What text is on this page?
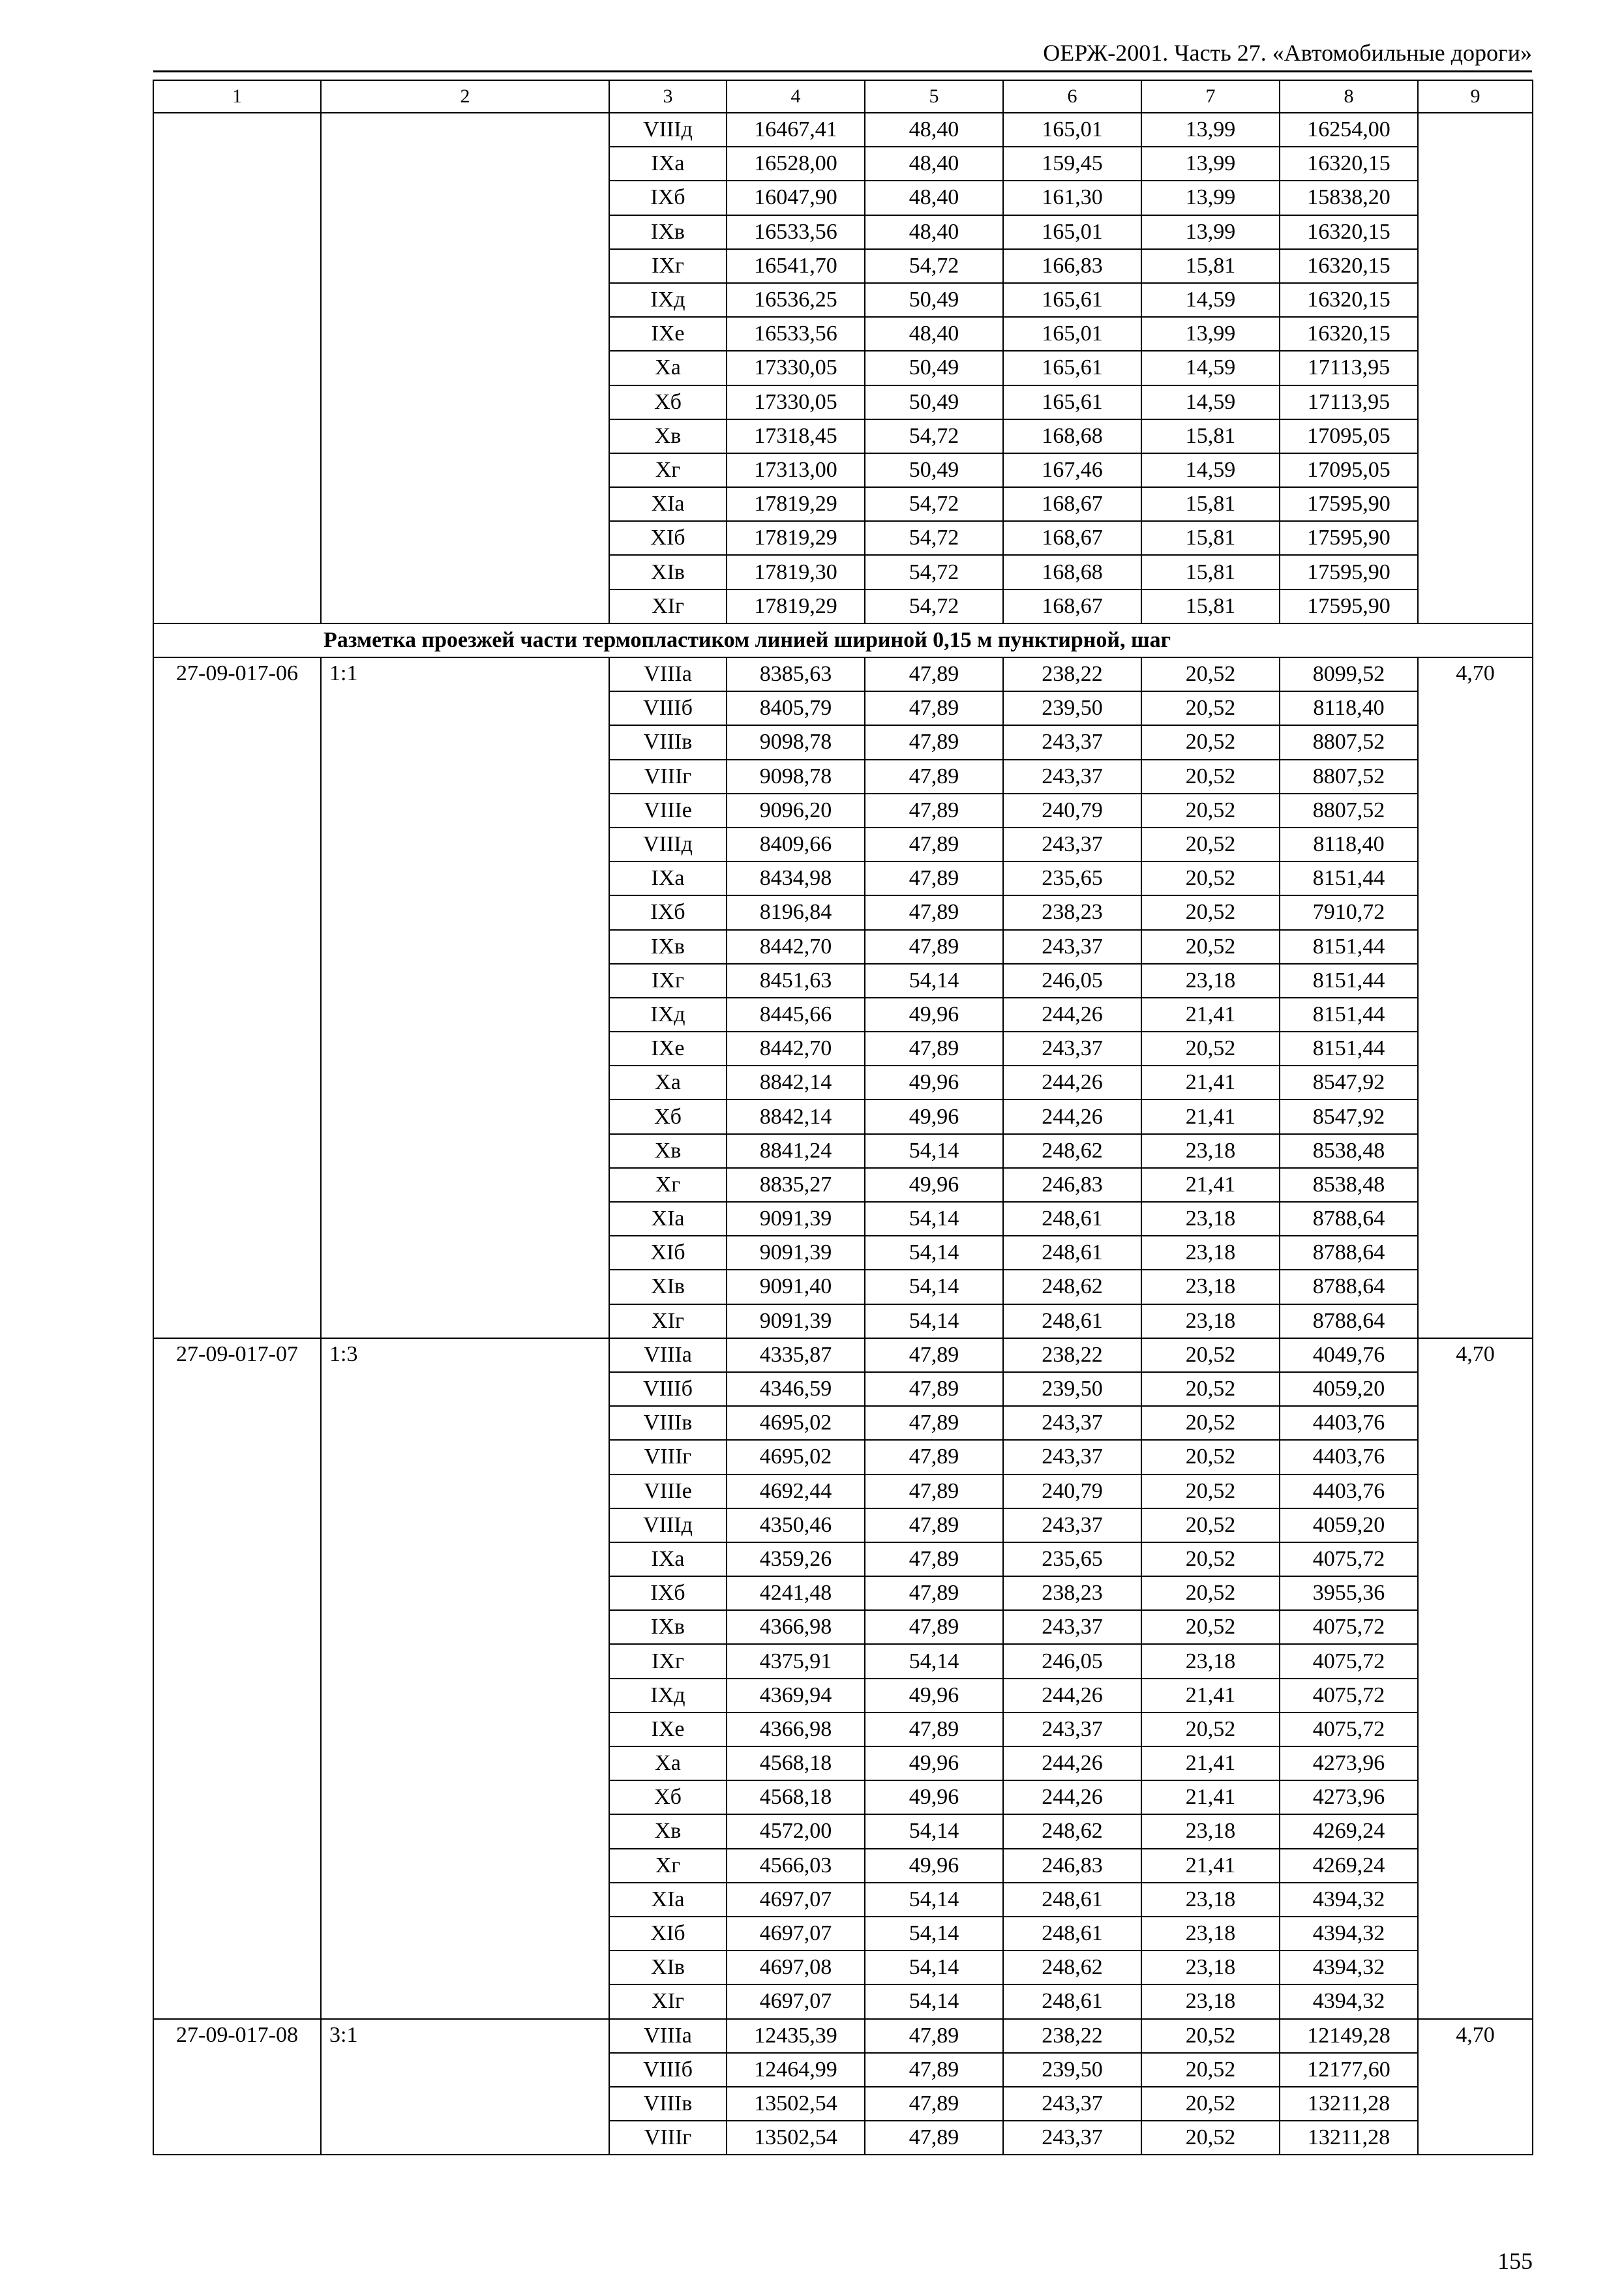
ОЕРЖ-2001. Часть 27. «Автомобильные дороги»
1	2	3	4	5	6	7	8	9
		VIIIд	16467,41	48,40	165,01	13,99	16254,00	
		IXа	16528,00	48,40	159,45	13,99	16320,15	
		IXб	16047,90	48,40	161,30	13,99	15838,20	
		IXв	16533,56	48,40	165,01	13,99	16320,15	
		IXг	16541,70	54,72	166,83	15,81	16320,15	
		IXд	16536,25	50,49	165,61	14,59	16320,15	
		IXе	16533,56	48,40	165,01	13,99	16320,15	
		Xа	17330,05	50,49	165,61	14,59	17113,95	
		Xб	17330,05	50,49	165,61	14,59	17113,95	
		Xв	17318,45	54,72	168,68	15,81	17095,05	
		Xг	17313,00	50,49	167,46	14,59	17095,05	
		XIа	17819,29	54,72	168,67	15,81	17595,90	
		XIб	17819,29	54,72	168,67	15,81	17595,90	
		XIв	17819,30	54,72	168,68	15,81	17595,90	
		XIг	17819,29	54,72	168,67	15,81	17595,90	
Разметка проезжей части термопластиком линией шириной 0,15 м пунктирной, шаг								
27-09-017-06	1:1	VIIIа	8385,63	47,89	238,22	20,52	8099,52	4,70
		VIIIб	8405,79	47,89	239,50	20,52	8118,40	
		VIIIв	9098,78	47,89	243,37	20,52	8807,52	
		VIIIг	9098,78	47,89	243,37	20,52	8807,52	
		VIIIе	9096,20	47,89	240,79	20,52	8807,52	
		VIIIд	8409,66	47,89	243,37	20,52	8118,40	
		IXа	8434,98	47,89	235,65	20,52	8151,44	
		IXб	8196,84	47,89	238,23	20,52	7910,72	
		IXв	8442,70	47,89	243,37	20,52	8151,44	
		IXг	8451,63	54,14	246,05	23,18	8151,44	
		IXд	8445,66	49,96	244,26	21,41	8151,44	
		IXе	8442,70	47,89	243,37	20,52	8151,44	
		Xа	8842,14	49,96	244,26	21,41	8547,92	
		Xб	8842,14	49,96	244,26	21,41	8547,92	
		Xв	8841,24	54,14	248,62	23,18	8538,48	
		Xг	8835,27	49,96	246,83	21,41	8538,48	
		XIа	9091,39	54,14	248,61	23,18	8788,64	
		XIб	9091,39	54,14	248,61	23,18	8788,64	
		XIв	9091,40	54,14	248,62	23,18	8788,64	
		XIг	9091,39	54,14	248,61	23,18	8788,64	
27-09-017-07	1:3	VIIIа	4335,87	47,89	238,22	20,52	4049,76	4,70
		VIIIб	4346,59	47,89	239,50	20,52	4059,20	
		VIIIв	4695,02	47,89	243,37	20,52	4403,76	
		VIIIг	4695,02	47,89	243,37	20,52	4403,76	
		VIIIе	4692,44	47,89	240,79	20,52	4403,76	
		VIIIд	4350,46	47,89	243,37	20,52	4059,20	
		IXа	4359,26	47,89	235,65	20,52	4075,72	
		IXб	4241,48	47,89	238,23	20,52	3955,36	
		IXв	4366,98	47,89	243,37	20,52	4075,72	
		IXг	4375,91	54,14	246,05	23,18	4075,72	
		IXд	4369,94	49,96	244,26	21,41	4075,72	
		IXе	4366,98	47,89	243,37	20,52	4075,72	
		Xа	4568,18	49,96	244,26	21,41	4273,96	
		Xб	4568,18	49,96	244,26	21,41	4273,96	
		Xв	4572,00	54,14	248,62	23,18	4269,24	
		Xг	4566,03	49,96	246,83	21,41	4269,24	
		XIа	4697,07	54,14	248,61	23,18	4394,32	
		XIб	4697,07	54,14	248,61	23,18	4394,32	
		XIв	4697,08	54,14	248,62	23,18	4394,32	
		XIг	4697,07	54,14	248,61	23,18	4394,32	
27-09-017-08	3:1	VIIIа	12435,39	47,89	238,22	20,52	12149,28	4,70
		VIIIб	12464,99	47,89	239,50	20,52	12177,60	
		VIIIв	13502,54	47,89	243,37	20,52	13211,28	
		VIIIг	13502,54	47,89	243,37	20,52	13211,28	
155
